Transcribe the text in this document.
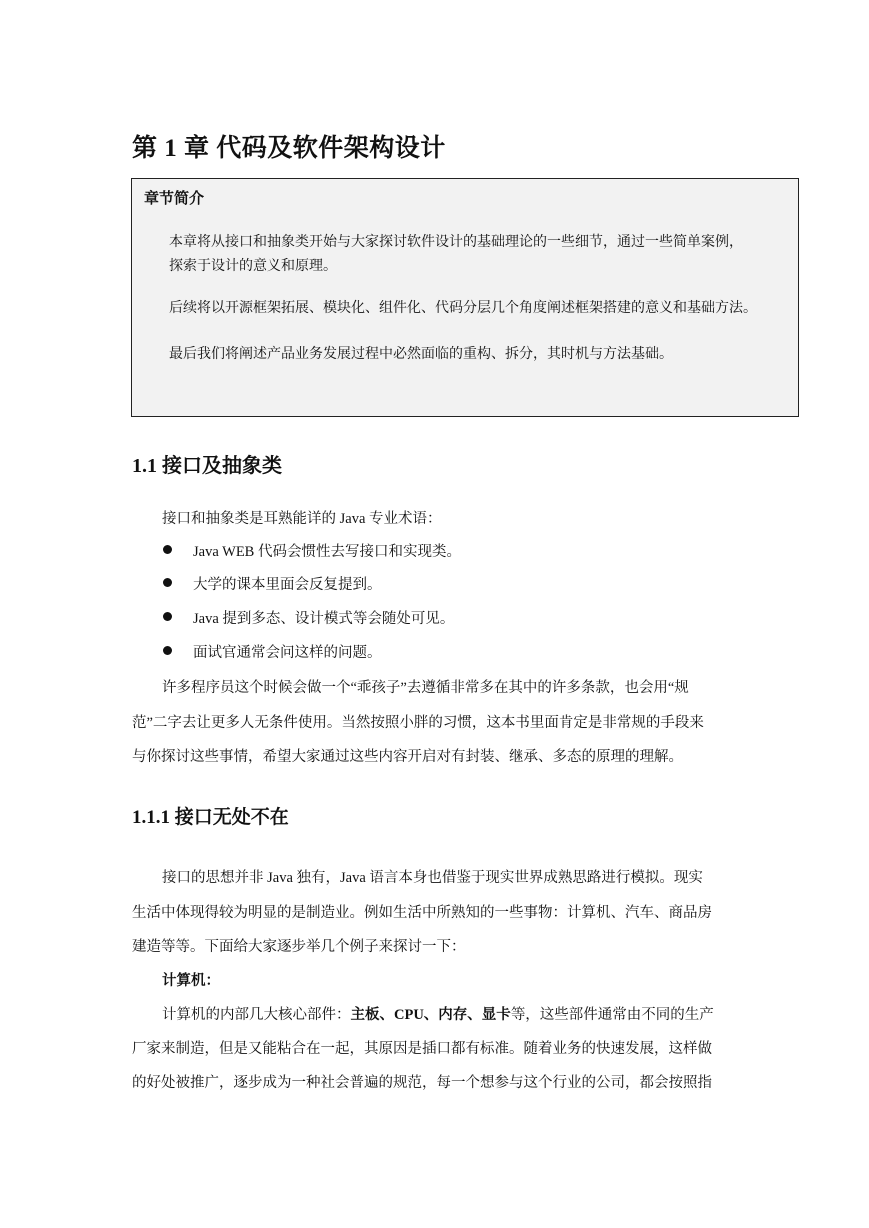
第 1 章 代码及软件架构设计
章节简介
本章将从接口和抽象类开始与大家探讨软件设计的基础理论的一些细节，通过一些简单案例，
探索于设计的意义和原理。
后续将以开源框架拓展、模块化、组件化、代码分层几个角度阐述框架搭建的意义和基础方法。
最后我们将阐述产品业务发展过程中必然面临的重构、拆分，其时机与方法基础。
1.1 接口及抽象类
接口和抽象类是耳熟能详的 Java 专业术语：
Java WEB 代码会惯性去写接口和实现类。
大学的课本里面会反复提到。
Java 提到多态、设计模式等会随处可见。
面试官通常会问这样的问题。
许多程序员这个时候会做一个“乖孩子”去遵循非常多在其中的许多条款，也会用“规
范”二字去让更多人无条件使用。当然按照小胖的习惯，这本书里面肯定是非常规的手段来
与你探讨这些事情，希望大家通过这些内容开启对有封装、继承、多态的原理的理解。
1.1.1 接口无处不在
接口的思想并非 Java 独有，Java 语言本身也借鉴于现实世界成熟思路进行模拟。现实
生活中体现得较为明显的是制造业。例如生活中所熟知的一些事物：计算机、汽车、商品房
建造等等。下面给大家逐步举几个例子来探讨一下：
计算机：
计算机的内部几大核心部件：主板、CPU、内存、显卡等，这些部件通常由不同的生产
厂家来制造，但是又能粘合在一起，其原因是插口都有标准。随着业务的快速发展，这样做
的好处被推广，逐步成为一种社会普遍的规范，每一个想参与这个行业的公司，都会按照指
